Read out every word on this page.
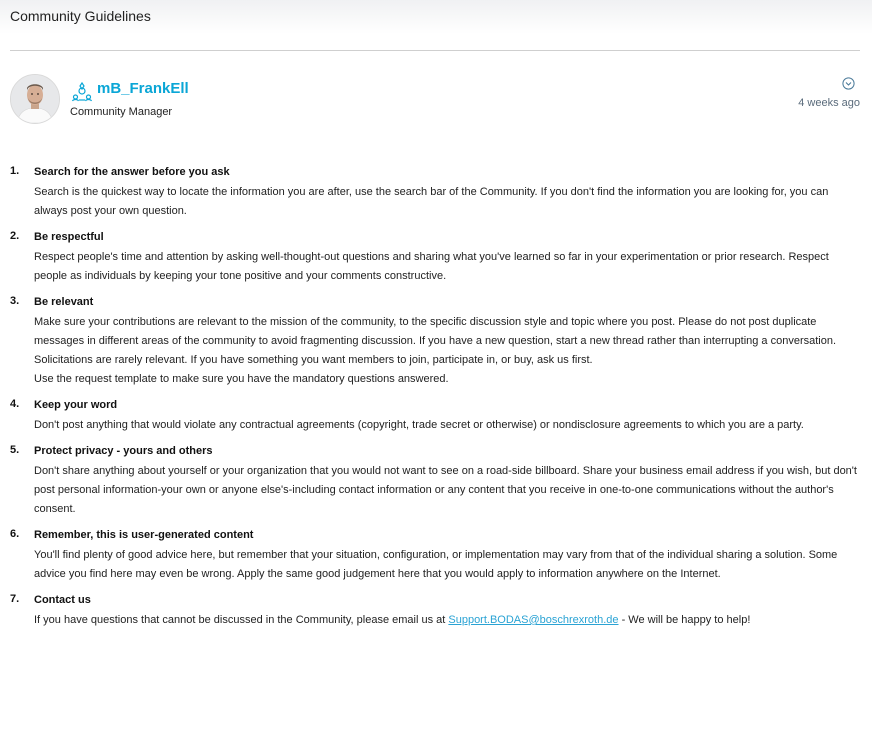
Community Guidelines
mB_FrankEll
Community Manager
4 weeks ago
1. Search for the answer before you ask
Search is the quickest way to locate the information you are after, use the search bar of the Community. If you don't find the information you are looking for, you can always post your own question.
2. Be respectful
Respect people's time and attention by asking well-thought-out questions and sharing what you've learned so far in your experimentation or prior research. Respect people as individuals by keeping your tone positive and your comments constructive.
3. Be relevant
Make sure your contributions are relevant to the mission of the community, to the specific discussion style and topic where you post. Please do not post duplicate messages in different areas of the community to avoid fragmenting discussion. If you have a new question, start a new thread rather than interrupting a conversation. Solicitations are rarely relevant. If you have something you want members to join, participate in, or buy, ask us first.
Use the request template to make sure you have the mandatory questions answered.
4. Keep your word
Don't post anything that would violate any contractual agreements (copyright, trade secret or otherwise) or nondisclosure agreements to which you are a party.
5. Protect privacy - yours and others
Don't share anything about yourself or your organization that you would not want to see on a road-side billboard. Share your business email address if you wish, but don't post personal information-your own or anyone else's-including contact information or any content that you receive in one-to-one communications without the author's consent.
6. Remember, this is user-generated content
You'll find plenty of good advice here, but remember that your situation, configuration, or implementation may vary from that of the individual sharing a solution. Some advice you find here may even be wrong. Apply the same good judgement here that you would apply to information anywhere on the Internet.
7. Contact us
If you have questions that cannot be discussed in the Community, please email us at Support.BODAS@boschrexroth.de - We will be happy to help!
